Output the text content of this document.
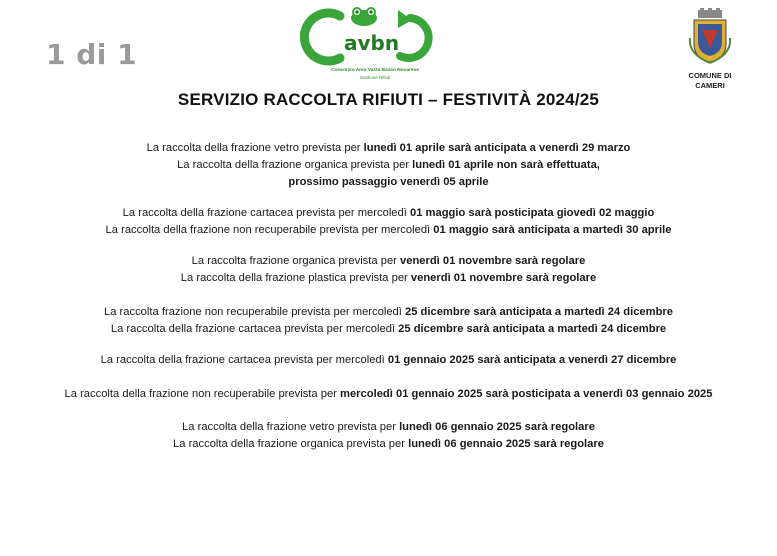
1 di 1	avbn
Consorzio Area Vasta Basso Novarese
Gestione Rifiuti	COMUNE DI
CAMERI
SERVIZIO RACCOLTA RIFIUTI – FESTIVITÀ 2024/25
La raccolta della frazione vetro prevista per lunedì 01 aprile sarà anticipata a venerdì 29 marzo
La raccolta della frazione organica prevista per lunedì 01 aprile non sarà effettuata,
prossimo passaggio venerdì 05 aprile
La raccolta della frazione cartacea prevista per mercoledì 01 maggio sarà posticipata giovedì 02 maggio
La raccolta della frazione non recuperabile prevista per mercoledì 01 maggio sarà anticipata a martedì 30 aprile
La raccolta frazione organica prevista per venerdì 01 novembre sarà regolare
La raccolta della frazione plastica prevista per venerdì 01 novembre sarà regolare
La raccolta frazione non recuperabile prevista per mercoledì 25 dicembre sarà anticipata a martedì 24 dicembre
La raccolta della frazione cartacea prevista per mercoledì 25 dicembre sarà anticipata a martedì 24 dicembre
La raccolta della frazione cartacea prevista per mercoledì 01 gennaio 2025 sarà anticipata a venerdì 27 dicembre
La raccolta della frazione non recuperabile prevista per mercoledì 01 gennaio 2025 sarà posticipata a venerdì 03 gennaio 2025
La raccolta della frazione vetro prevista per lunedì 06 gennaio 2025 sarà regolare
La raccolta della frazione organica prevista per lunedì 06 gennaio 2025 sarà regolare
